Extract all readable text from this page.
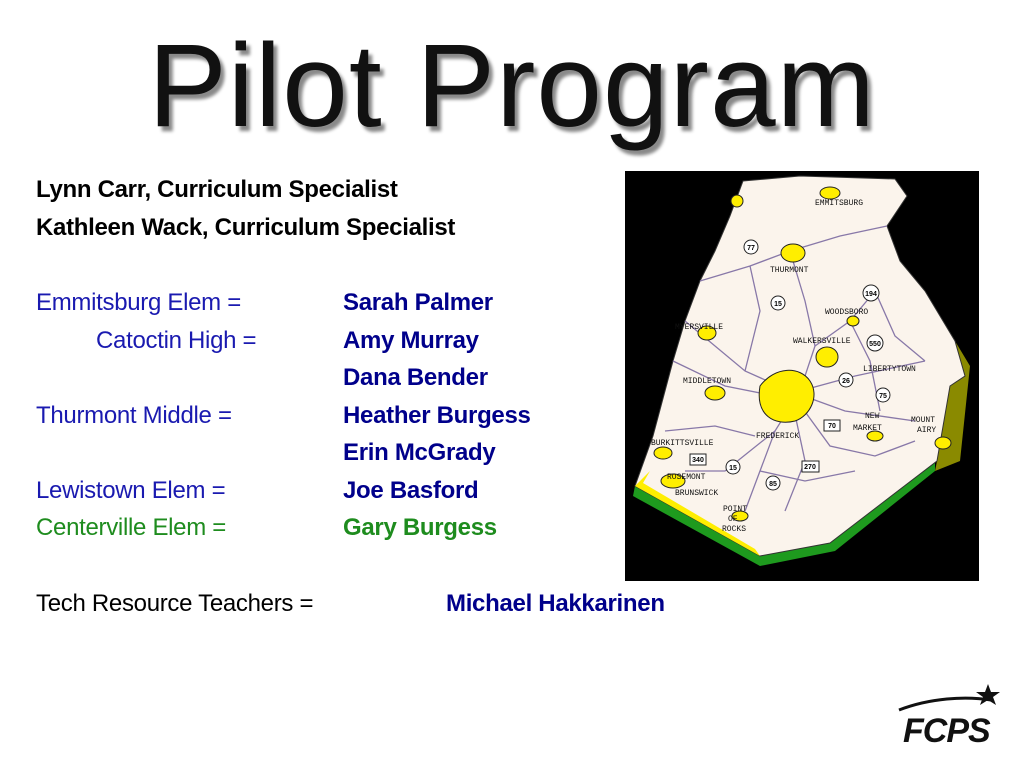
Pilot Program
Lynn Carr, Curriculum Specialist
Kathleen Wack, Curriculum Specialist
Emmitsburg Elem =	Sarah Palmer
Catoctin High =	Amy Murray
Dana Bender
Thurmont Middle =	Heather Burgess
Erin McGrady
Lewistown Elem =	Joe Basford
Centerville Elem =	Gary Burgess
Tech Resource Teachers =	Michael Hakkarinen
77
15
194
550
26
75
70
340
15	270
85
EMMITSBURG
THURMONT
WOODSBORO
MYERSVILLE
WALKERSVILLE
LIBERTYTOWN
MIDDLETOWN
NEW
MARKET
MOUNT
AIRY
FREDERICK
BURKITTSVILLE
ROSEMONT
BRUNSWICK
POINT
OF
ROCKS
FCPS
